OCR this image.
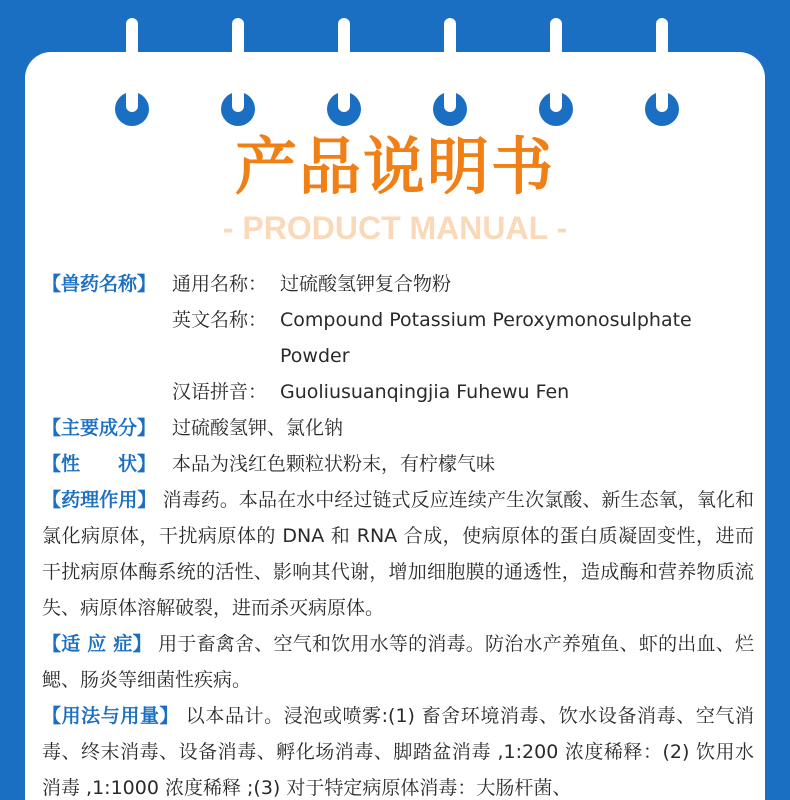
产品说明书
- PRODUCT MANUAL -
【兽药名称】 通用名称： 过硫酸氢钾复合物粉
英文名称： Compound Potassium Peroxymonosulphate Powder
汉语拼音： Guoliusuanqingjia Fuhewu Fen
【主要成分】 过硫酸氢钾、氯化钠
【性　　状】 本品为浅红色颗粒状粉末，有柠檬气味

【药理作用】 消毒药。本品在水中经过链式反应连续产生次氯酸、新生态氧，氧化和氯化病原体，干扰病原体的 DNA 和 RNA 合成，使病原体的蛋白质凝固变性，进而干扰病原体酶系统的活性、影响其代谢，增加细胞膜的通透性，造成酶和营养物质流失、病原体溶解破裂，进而杀灭病原体。

【适 应 症】 用于畜禽舍、空气和饮用水等的消毒。防治水产养殖鱼、虾的出血、烂鳃、肠炎等细菌性疾病。

【用法与用量】 以本品计。浸泡或喷雾:(1) 畜舍环境消毒、饮水设备消毒、空气消毒、终末消毒、设备消毒、孵化场消毒、脚踏盆消毒 ,1:200 浓度稀释：(2) 饮用水消毒 ,1:1000 浓度稀释 ;(3) 对于特定病原体消毒：大肠杆菌、
